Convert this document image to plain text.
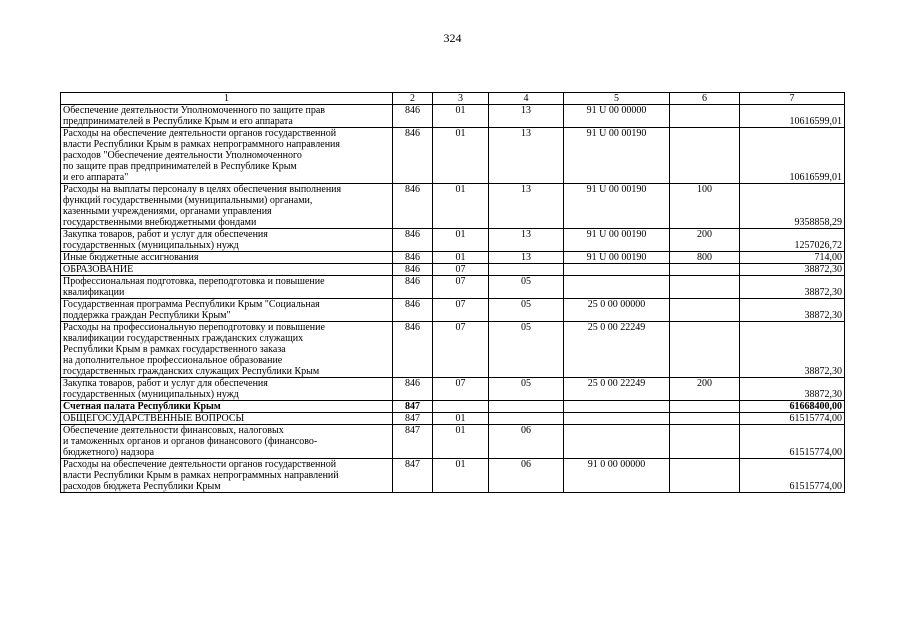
324
1	2	3	4	5	6	7
Обеспечение деятельности Уполномоченного по защите прав
предпринимателей в Республике Крым и его аппарата	846	01	13	91 U 00 00000		10616599,01
Расходы на обеспечение деятельности органов государственной
власти Республики Крым в рамках непрограммного направления
расходов "Обеспечение деятельности Уполномоченного
по защите прав предпринимателей в Республике Крым
и его аппарата"	846	01	13	91 U 00 00190		10616599,01
Расходы на выплаты персоналу в целях обеспечения выполнения
функций государственными (муниципальными) органами,
казенными учреждениями, органами управления
государственными внебюджетными фондами	846	01	13	91 U 00 00190	100	9358858,29
Закупка товаров, работ и услуг для обеспечения
государственных (муниципальных) нужд	846	01	13	91 U 00 00190	200	1257026,72
Иные бюджетные ассигнования	846	01	13	91 U 00 00190	800	714,00
ОБРАЗОВАНИЕ	846	07				38872,30
Профессиональная подготовка, переподготовка и повышение
квалификации	846	07	05			38872,30
Государственная программа Республики Крым "Социальная
поддержка граждан Республики Крым"	846	07	05	25 0 00 00000		38872,30
Расходы на профессиональную переподготовку и повышение
квалификации государственных гражданских служащих
Республики Крым в рамках государственного заказа
на дополнительное профессиональное образование
государственных гражданских служащих Республики Крым	846	07	05	25 0 00 22249		38872,30
Закупка товаров, работ и услуг для обеспечения
государственных (муниципальных) нужд	846	07	05	25 0 00 22249	200	38872,30
Счетная палата Республики Крым	847					61668400,00
ОБЩЕГОСУДАРСТВЕННЫЕ ВОПРОСЫ	847	01				61515774,00
Обеспечение деятельности финансовых, налоговых
и таможенных органов и органов финансового (финансово-
бюджетного) надзора	847	01	06			61515774,00
Расходы на обеспечение деятельности органов государственной
власти Республики Крым в рамках непрограммных направлений
расходов бюджета Республики Крым	847	01	06	91 0 00 00000		61515774,00
